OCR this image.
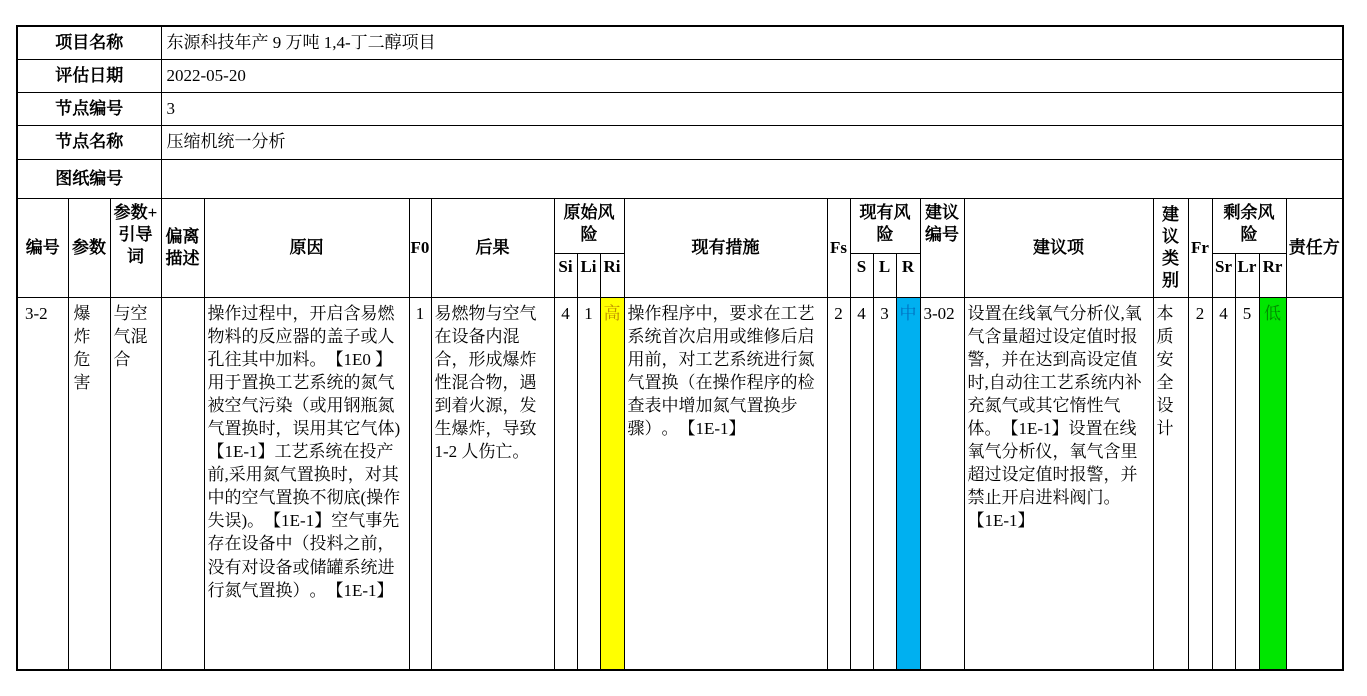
项目名称			东源科技年产 9 万吨 1,4-丁二醇项目																			
评估日期			2022-05-20																			
节点编号			3																			
节点名称			压缩机统一分析																			
图纸编号																						
编号	参数	参数+引导词	偏离描述	原因	F0	后果	原始风险			现有措施	Fs	现有风险			建议编号	建议项	建议类别	Fr	剩余风险			责任方
							Si	Li	Ri			S	L	R					Sr	Lr	Rr	
3-2	爆炸危害	与空气混合		操作过程中，开启含易燃物料的反应器的盖子或人孔往其中加料。【1E0 】用于置换工艺系统的氮气被空气污染（或用钢瓶氮气置换时，误用其它气体)【1E-1】工艺系统在投产前,采用氮气置换时，对其中的空气置换不彻底(操作失误)。【1E-1】空气事先存在设备中（投料之前，没有对设备或储罐系统进行氮气置换）。【1E-1】	1	易燃物与空气在设备内混合，形成爆炸性混合物，遇到着火源，发生爆炸，导致1-2 人伤亡。	4	1	高	操作程序中，要求在工艺系统首次启用或维修后启用前，对工艺系统进行氮气置换（在操作程序的检查表中增加氮气置换步骤）。【1E-1】	2	4	3	中	3-02	设置在线氧气分析仪,氧气含量超过设定值时报警，并在达到高设定值时,自动往工艺系统内补充氮气或其它惰性气体。【1E-1】设置在线氧气分析仪，氧气含里超过设定值时报警，并禁止开启进料阀门。【1E-1】	本质安全设计	2	4	5	低	
